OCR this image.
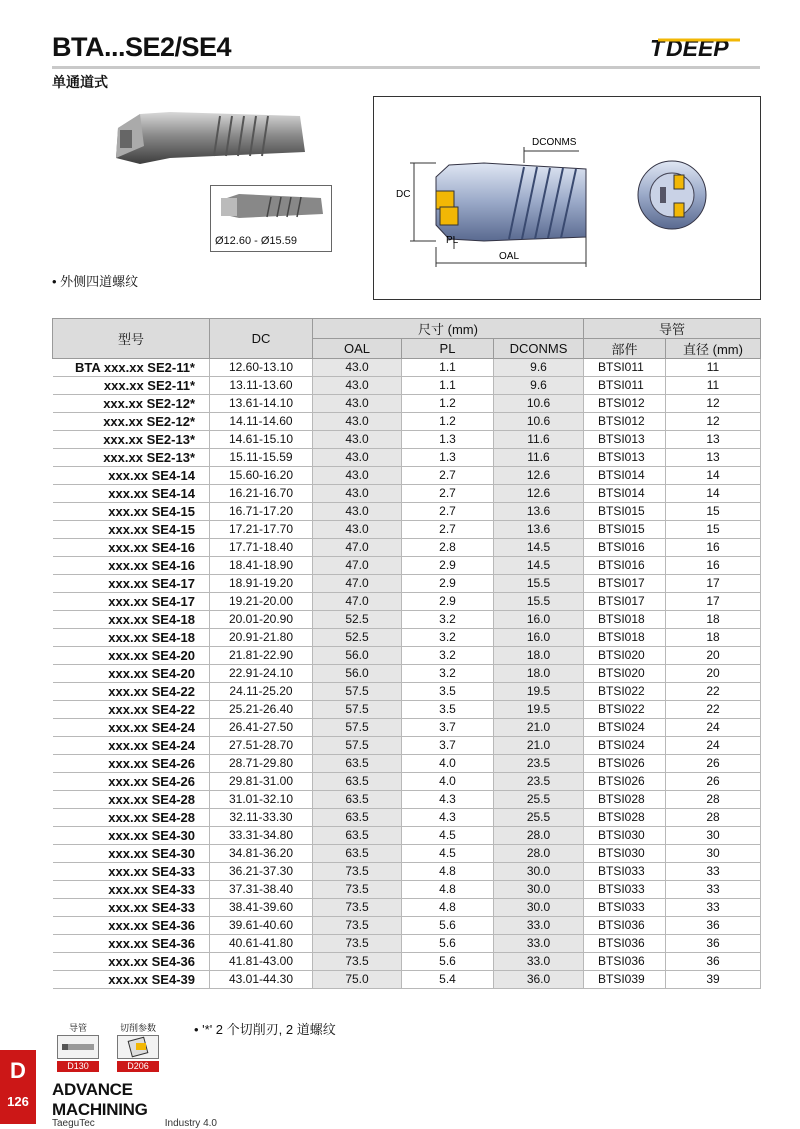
BTA...SE2/SE4
单通道式
T DEEP
Ø12.60 - Ø15.59
• 外侧四道螺纹
DC
DCONMS
PL
OAL
型号	DC	尺寸 (mm)			导管	
		OAL	PL	DCONMS	部件	直径 (mm)
BTA xxx.xx SE2-11*	12.60-13.10	43.0	1.1	9.6	BTSI011	11
xxx.xx SE2-11*	13.11-13.60	43.0	1.1	9.6	BTSI011	11
xxx.xx SE2-12*	13.61-14.10	43.0	1.2	10.6	BTSI012	12
xxx.xx SE2-12*	14.11-14.60	43.0	1.2	10.6	BTSI012	12
xxx.xx SE2-13*	14.61-15.10	43.0	1.3	11.6	BTSI013	13
xxx.xx SE2-13*	15.11-15.59	43.0	1.3	11.6	BTSI013	13
xxx.xx SE4-14	15.60-16.20	43.0	2.7	12.6	BTSI014	14
xxx.xx SE4-14	16.21-16.70	43.0	2.7	12.6	BTSI014	14
xxx.xx SE4-15	16.71-17.20	43.0	2.7	13.6	BTSI015	15
xxx.xx SE4-15	17.21-17.70	43.0	2.7	13.6	BTSI015	15
xxx.xx SE4-16	17.71-18.40	47.0	2.8	14.5	BTSI016	16
xxx.xx SE4-16	18.41-18.90	47.0	2.9	14.5	BTSI016	16
xxx.xx SE4-17	18.91-19.20	47.0	2.9	15.5	BTSI017	17
xxx.xx SE4-17	19.21-20.00	47.0	2.9	15.5	BTSI017	17
xxx.xx SE4-18	20.01-20.90	52.5	3.2	16.0	BTSI018	18
xxx.xx SE4-18	20.91-21.80	52.5	3.2	16.0	BTSI018	18
xxx.xx SE4-20	21.81-22.90	56.0	3.2	18.0	BTSI020	20
xxx.xx SE4-20	22.91-24.10	56.0	3.2	18.0	BTSI020	20
xxx.xx SE4-22	24.11-25.20	57.5	3.5	19.5	BTSI022	22
xxx.xx SE4-22	25.21-26.40	57.5	3.5	19.5	BTSI022	22
xxx.xx SE4-24	26.41-27.50	57.5	3.7	21.0	BTSI024	24
xxx.xx SE4-24	27.51-28.70	57.5	3.7	21.0	BTSI024	24
xxx.xx SE4-26	28.71-29.80	63.5	4.0	23.5	BTSI026	26
xxx.xx SE4-26	29.81-31.00	63.5	4.0	23.5	BTSI026	26
xxx.xx SE4-28	31.01-32.10	63.5	4.3	25.5	BTSI028	28
xxx.xx SE4-28	32.11-33.30	63.5	4.3	25.5	BTSI028	28
xxx.xx SE4-30	33.31-34.80	63.5	4.5	28.0	BTSI030	30
xxx.xx SE4-30	34.81-36.20	63.5	4.5	28.0	BTSI030	30
xxx.xx SE4-33	36.21-37.30	73.5	4.8	30.0	BTSI033	33
xxx.xx SE4-33	37.31-38.40	73.5	4.8	30.0	BTSI033	33
xxx.xx SE4-33	38.41-39.60	73.5	4.8	30.0	BTSI033	33
xxx.xx SE4-36	39.61-40.60	73.5	5.6	33.0	BTSI036	36
xxx.xx SE4-36	40.61-41.80	73.5	5.6	33.0	BTSI036	36
xxx.xx SE4-36	41.81-43.00	73.5	5.6	33.0	BTSI036	36
xxx.xx SE4-39	43.01-44.30	75.0	5.4	36.0	BTSI039	39
导管
D130
切削参数
D206
• '*' 2 个切削刃, 2 道螺纹
D
126
ADVANCE MACHINING
TaeguTec	Industry 4.0
